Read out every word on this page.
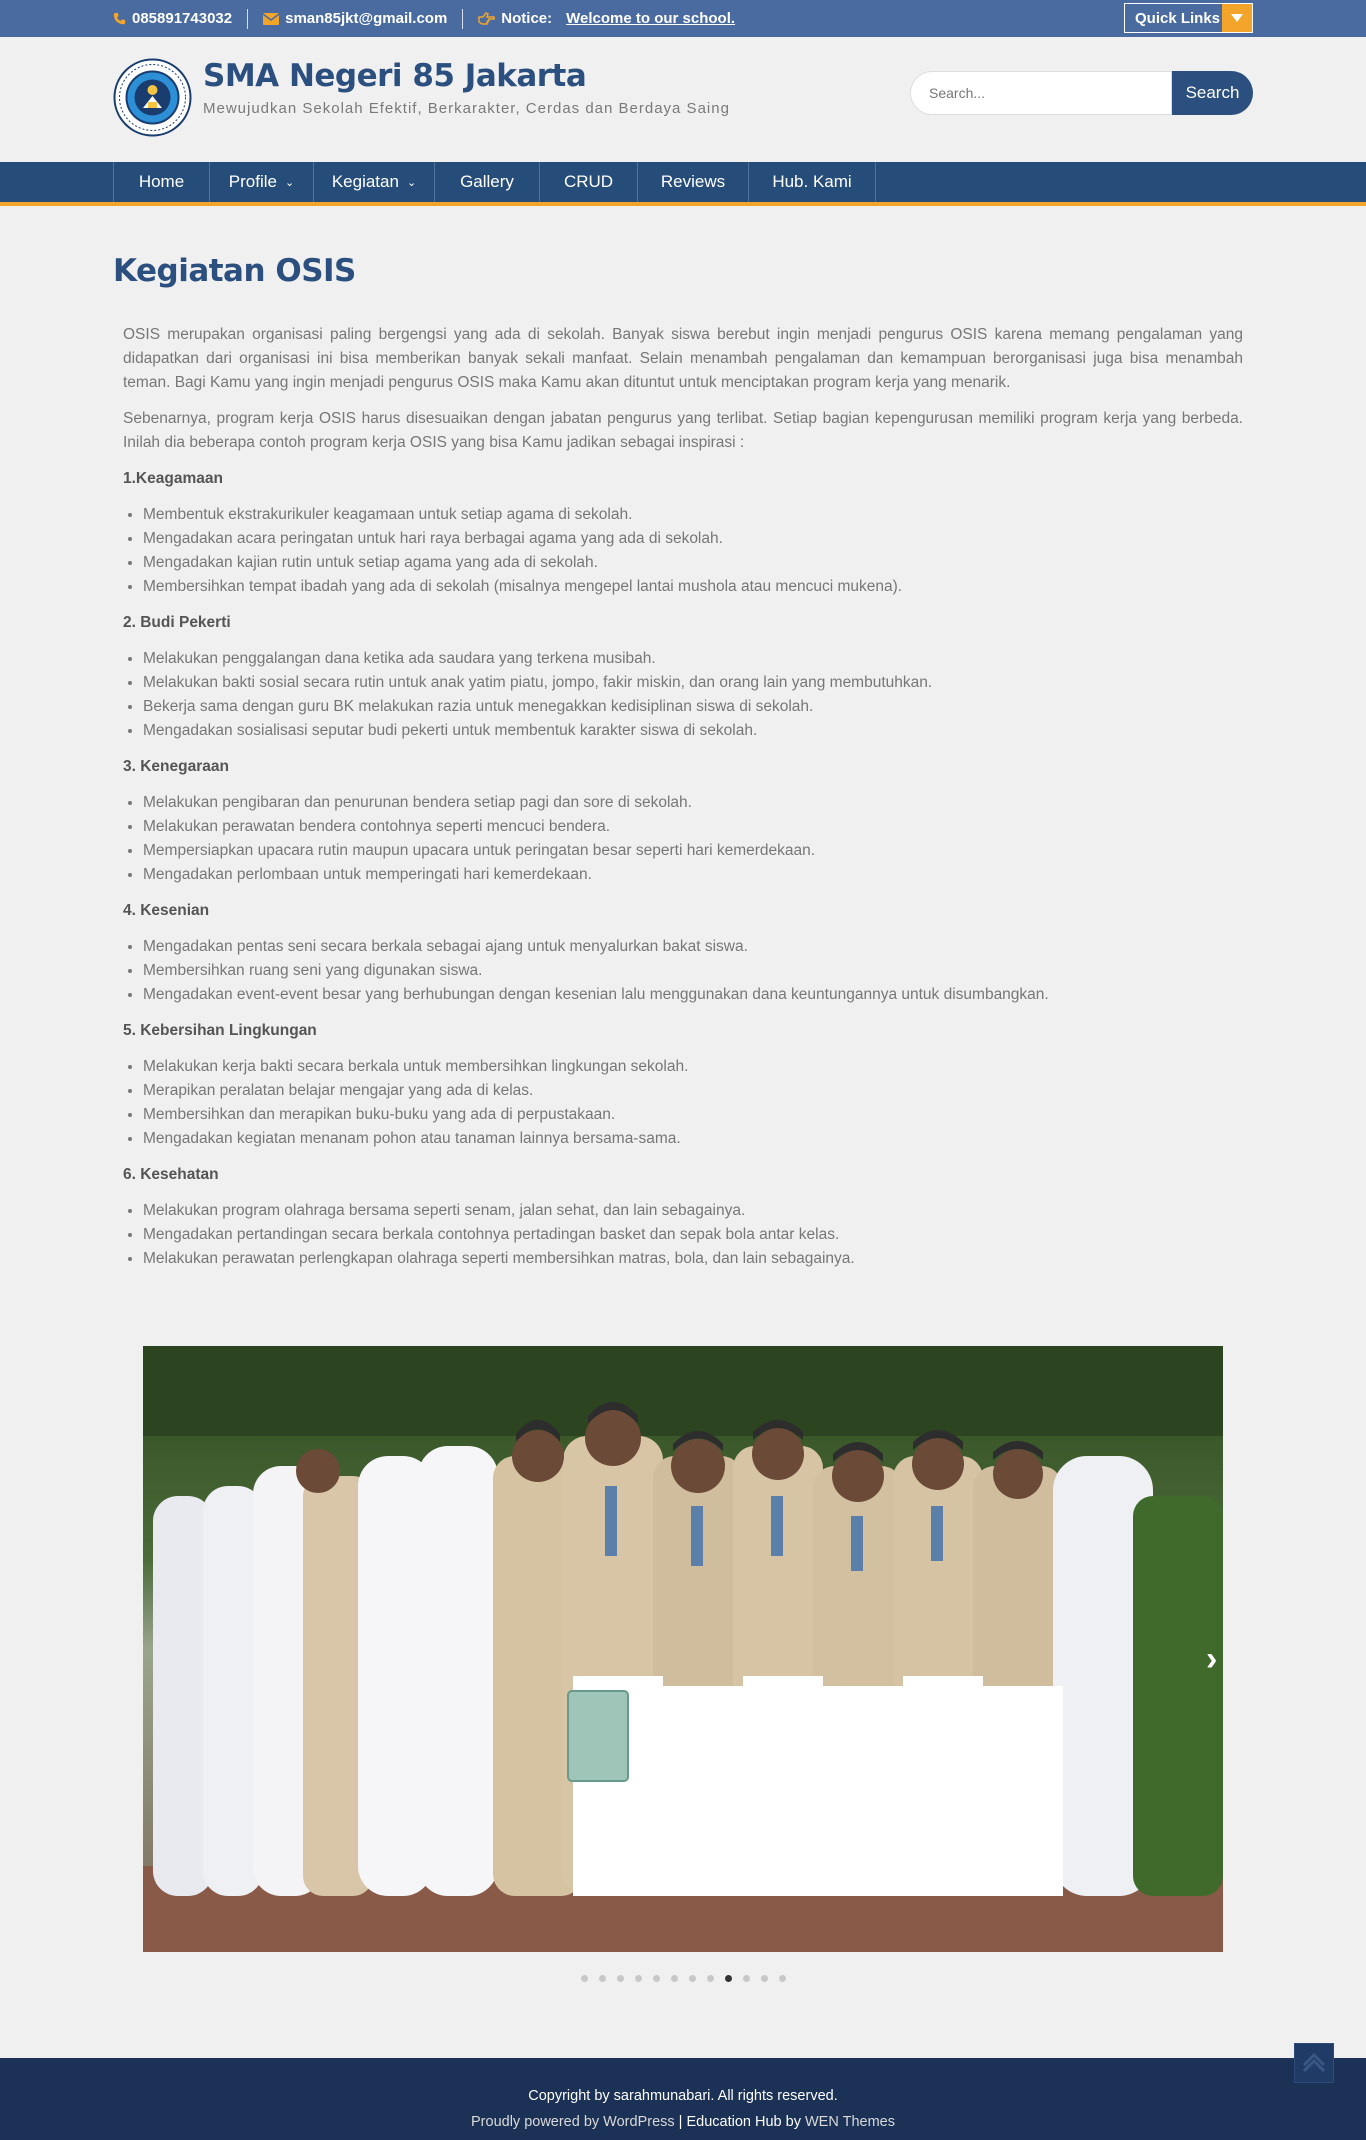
085891743032	sman85jkt@gmail.com	Notice: Welcome to our school.	Quick Links
SMA Negeri 85 Jakarta
Mewujudkan Sekolah Efektif, Berkarakter, Cerdas dan Berdaya Saing
Search...
Search
Home	Profile ⌄ Kegiatan ⌄	Gallery	CRUD	Reviews	Hub. Kami
Kegiatan OSIS

OSIS merupakan organisasi paling bergengsi yang ada di sekolah. Banyak siswa berebut ingin menjadi pengurus OSIS karena memang pengalaman yang didapatkan dari organisasi ini bisa memberikan banyak sekali manfaat. Selain menambah pengalaman dan kemampuan berorganisasi juga bisa menambah teman. Bagi Kamu yang ingin menjadi pengurus OSIS maka Kamu akan dituntut untuk menciptakan program kerja yang menarik.

Sebenarnya, program kerja OSIS harus disesuaikan dengan jabatan pengurus yang terlibat. Setiap bagian kepengurusan memiliki program kerja yang berbeda. Inilah dia beberapa contoh program kerja OSIS yang bisa Kamu jadikan sebagai inspirasi :

1.Keagamaan
• Membentuk ekstrakurikuler keagamaan untuk setiap agama di sekolah.
• Mengadakan acara peringatan untuk hari raya berbagai agama yang ada di sekolah.
• Mengadakan kajian rutin untuk setiap agama yang ada di sekolah.
• Membersihkan tempat ibadah yang ada di sekolah (misalnya mengepel lantai mushola atau mencuci mukena).
2. Budi Pekerti
• Melakukan penggalangan dana ketika ada saudara yang terkena musibah.
• Melakukan bakti sosial secara rutin untuk anak yatim piatu, jompo, fakir miskin, dan orang lain yang membutuhkan.
• Bekerja sama dengan guru BK melakukan razia untuk menegakkan kedisiplinan siswa di sekolah.
• Mengadakan sosialisasi seputar budi pekerti untuk membentuk karakter siswa di sekolah.
3. Kenegaraan
• Melakukan pengibaran dan penurunan bendera setiap pagi dan sore di sekolah.
• Melakukan perawatan bendera contohnya seperti mencuci bendera.
• Mempersiapkan upacara rutin maupun upacara untuk peringatan besar seperti hari kemerdekaan.
• Mengadakan perlombaan untuk memperingati hari kemerdekaan.
4. Kesenian
• Mengadakan pentas seni secara berkala sebagai ajang untuk menyalurkan bakat siswa.
• Membersihkan ruang seni yang digunakan siswa.
• Mengadakan event-event besar yang berhubungan dengan kesenian lalu menggunakan dana keuntungannya untuk disumbangkan.
5. Kebersihan Lingkungan
• Melakukan kerja bakti secara berkala untuk membersihkan lingkungan sekolah.
• Merapikan peralatan belajar mengajar yang ada di kelas.
• Membersihkan dan merapikan buku-buku yang ada di perpustakaan.
• Mengadakan kegiatan menanam pohon atau tanaman lainnya bersama-sama.
6. Kesehatan
• Melakukan program olahraga bersama seperti senam, jalan sehat, dan lain sebagainya.
• Mengadakan pertandingan secara berkala contohnya pertadingan basket dan sepak bola antar kelas.
• Melakukan perawatan perlengkapan olahraga seperti membersihkan matras, bola, dan lain sebagainya.
›
Copyright by sarahmunabari. All rights reserved.
Proudly powered by WordPress | Education Hub by WEN Themes
